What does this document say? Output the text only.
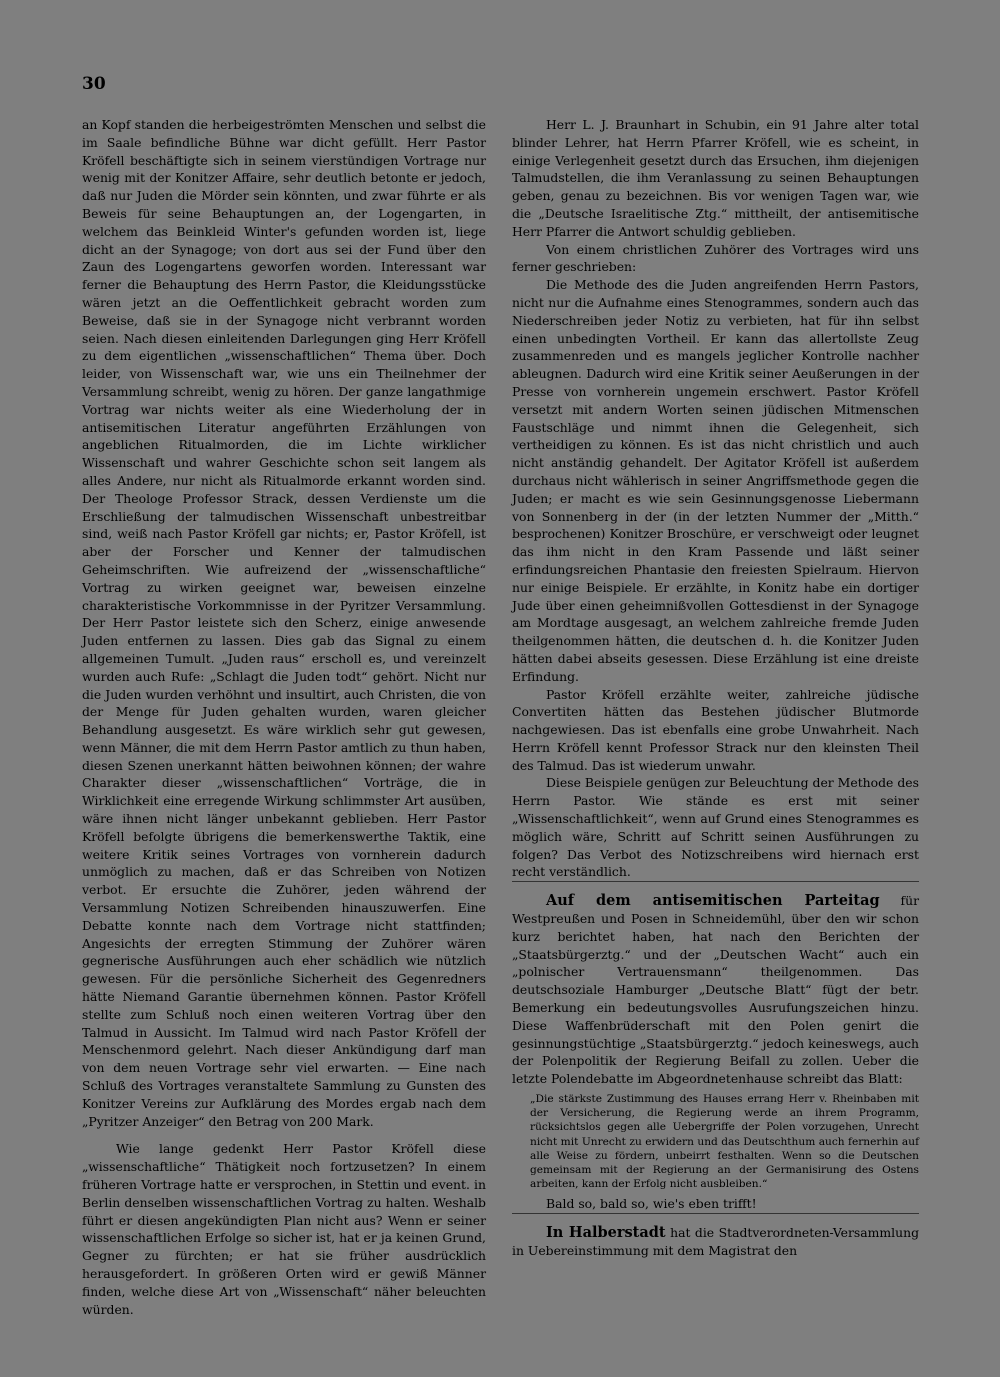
30

an Kopf standen die herbeigeströmten Menschen und selbst die im Saale befindliche Bühne war dicht gefüllt. Herr Pastor Kröfell beschäftigte sich in seinem vierstündigen Vortrage nur wenig mit der Konitzer Affaire, sehr deutlich betonte er jedoch, daß nur Juden die Mörder sein könnten, und zwar führte er als Beweis für seine Behauptungen an, der Logengarten, in welchem das Beinkleid Winter's gefunden worden ist, liege dicht an der Synagoge; von dort aus sei der Fund über den Zaun des Logengartens geworfen worden. Interessant war ferner die Behauptung des Herrn Pastor, die Kleidungsstücke wären jetzt an die Oeffentlichkeit gebracht worden zum Beweise, daß sie in der Synagoge nicht verbrannt worden seien. Nach diesen einleitenden Darlegungen ging Herr Kröfell zu dem eigentlichen „wissenschaftlichen“ Thema über. Doch leider, von Wissenschaft war, wie uns ein Theilnehmer der Versammlung schreibt, wenig zu hören. Der ganze langathmige Vortrag war nichts weiter als eine Wiederholung der in antisemitischen Literatur angeführten Erzählungen von angeblichen Ritualmorden, die im Lichte wirklicher Wissenschaft und wahrer Geschichte schon seit langem als alles Andere, nur nicht als Ritualmorde erkannt worden sind. Der Theologe Professor Strack, dessen Verdienste um die Erschließung der talmudischen Wissenschaft unbestreitbar sind, weiß nach Pastor Kröfell gar nichts; er, Pastor Kröfell, ist aber der Forscher und Kenner der talmudischen Geheimschriften. Wie aufreizend der „wissenschaftliche“ Vortrag zu wirken geeignet war, beweisen einzelne charakteristische Vorkommnisse in der Pyritzer Versammlung. Der Herr Pastor leistete sich den Scherz, einige anwesende Juden entfernen zu lassen. Dies gab das Signal zu einem allgemeinen Tumult. „Juden raus“ erscholl es, und vereinzelt wurden auch Rufe: „Schlagt die Juden todt“ gehört. Nicht nur die Juden wurden verhöhnt und insultirt, auch Christen, die von der Menge für Juden gehalten wurden, waren gleicher Behandlung ausgesetzt. Es wäre wirklich sehr gut gewesen, wenn Männer, die mit dem Herrn Pastor amtlich zu thun haben, diesen Szenen unerkannt hätten beiwohnen können; der wahre Charakter dieser „wissenschaftlichen“ Vorträge, die in Wirklichkeit eine erregende Wirkung schlimmster Art ausüben, wäre ihnen nicht länger unbekannt geblieben. Herr Pastor Kröfell befolgte übrigens die bemerkenswerthe Taktik, eine weitere Kritik seines Vortrages von vornherein dadurch unmöglich zu machen, daß er das Schreiben von Notizen verbot. Er ersuchte die Zuhörer, jeden während der Versammlung Notizen Schreibenden hinauszuwerfen. Eine Debatte konnte nach dem Vortrage nicht stattfinden; Angesichts der erregten Stimmung der Zuhörer wären gegnerische Ausführungen auch eher schädlich wie nützlich gewesen. Für die persönliche Sicherheit des Gegenredners hätte Niemand Garantie übernehmen können. Pastor Kröfell stellte zum Schluß noch einen weiteren Vortrag über den Talmud in Aussicht. Im Talmud wird nach Pastor Kröfell der Menschenmord gelehrt. Nach dieser Ankündigung darf man von dem neuen Vortrage sehr viel erwarten. — Eine nach Schluß des Vortrages veranstaltete Sammlung zu Gunsten des Konitzer Vereins zur Aufklärung des Mordes ergab nach dem „Pyritzer Anzeiger“ den Betrag von 200 Mark.

Wie lange gedenkt Herr Pastor Kröfell diese „wissenschaftliche“ Thätigkeit noch fortzusetzen? In einem früheren Vortrage hatte er versprochen, in Stettin und event. in Berlin denselben wissenschaftlichen Vortrag zu halten. Weshalb führt er diesen angekündigten Plan nicht aus? Wenn er seiner wissenschaftlichen Erfolge so sicher ist, hat er ja keinen Grund, Gegner zu fürchten; er hat sie früher ausdrücklich herausgefordert. In größeren Orten wird er gewiß Männer finden, welche diese Art von „Wissenschaft“ näher beleuchten würden.

Herr L. J. Braunhart in Schubin, ein 91 Jahre alter total blinder Lehrer, hat Herrn Pfarrer Kröfell, wie es scheint, in einige Verlegenheit gesetzt durch das Ersuchen, ihm diejenigen Talmudstellen, die ihm Veranlassung zu seinen Behauptungen geben, genau zu bezeichnen. Bis vor wenigen Tagen war, wie die „Deutsche Israelitische Ztg.“ mittheilt, der antisemitische Herr Pfarrer die Antwort schuldig geblieben.

Von einem christlichen Zuhörer des Vortrages wird uns ferner geschrieben:

Die Methode des die Juden angreifenden Herrn Pastors, nicht nur die Aufnahme eines Stenogrammes, sondern auch das Niederschreiben jeder Notiz zu verbieten, hat für ihn selbst einen unbedingten Vortheil. Er kann das allertollste Zeug zusammenreden und es mangels jeglicher Kontrolle nachher ableugnen. Dadurch wird eine Kritik seiner Aeußerungen in der Presse von vornherein ungemein erschwert. Pastor Kröfell versetzt mit andern Worten seinen jüdischen Mitmenschen Faustschläge und nimmt ihnen die Gelegenheit, sich vertheidigen zu können. Es ist das nicht christlich und auch nicht anständig gehandelt. Der Agitator Kröfell ist außerdem durchaus nicht wählerisch in seiner Angriffsmethode gegen die Juden; er macht es wie sein Gesinnungsgenosse Liebermann von Sonnenberg in der (in der letzten Nummer der „Mitth.“ besprochenen) Konitzer Broschüre, er verschweigt oder leugnet das ihm nicht in den Kram Passende und läßt seiner erfindungsreichen Phantasie den freiesten Spielraum. Hiervon nur einige Beispiele. Er erzählte, in Konitz habe ein dortiger Jude über einen geheimnißvollen Gottesdienst in der Synagoge am Mordtage ausgesagt, an welchem zahlreiche fremde Juden theilgenommen hätten, die deutschen d. h. die Konitzer Juden hätten dabei abseits gesessen. Diese Erzählung ist eine dreiste Erfindung.

Pastor Kröfell erzählte weiter, zahlreiche jüdische Convertiten hätten das Bestehen jüdischer Blutmorde nachgewiesen. Das ist ebenfalls eine grobe Unwahrheit. Nach Herrn Kröfell kennt Professor Strack nur den kleinsten Theil des Talmud. Das ist wiederum unwahr.

Diese Beispiele genügen zur Beleuchtung der Methode des Herrn Pastor. Wie stände es erst mit seiner „Wissenschaftlichkeit“, wenn auf Grund eines Stenogrammes es möglich wäre, Schritt auf Schritt seinen Ausführungen zu folgen? Das Verbot des Notizschreibens wird hiernach erst recht verständlich.

Auf dem antisemitischen Parteitag für Westpreußen und Posen in Schneidemühl, über den wir schon kurz berichtet haben, hat nach den Berichten der „Staatsbürgerztg.“ und der „Deutschen Wacht“ auch ein „polnischer Vertrauensmann“ theilgenommen. Das deutschsoziale Hamburger „Deutsche Blatt“ fügt der betr. Bemerkung ein bedeutungsvolles Ausrufungszeichen hinzu. Diese Waffenbrüderschaft mit den Polen genirt die gesinnungstüchtige „Staatsbürgerztg.“ jedoch keineswegs, auch der Polenpolitik der Regierung Beifall zu zollen. Ueber die letzte Polendebatte im Abgeordnetenhause schreibt das Blatt:

„Die stärkste Zustimmung des Hauses errang Herr v. Rheinbaben mit der Versicherung, die Regierung werde an ihrem Programm, rücksichtslos gegen alle Uebergriffe der Polen vorzugehen, Unrecht nicht mit Unrecht zu erwidern und das Deutschthum auch fernerhin auf alle Weise zu fördern, unbeirrt festhalten. Wenn so die Deutschen gemeinsam mit der Regierung an der Germanisirung des Ostens arbeiten, kann der Erfolg nicht ausbleiben.“

Bald so, bald so, wie's eben trifft!

In Halberstadt hat die Stadtverordneten-Versammlung in Uebereinstimmung mit dem Magistrat den
